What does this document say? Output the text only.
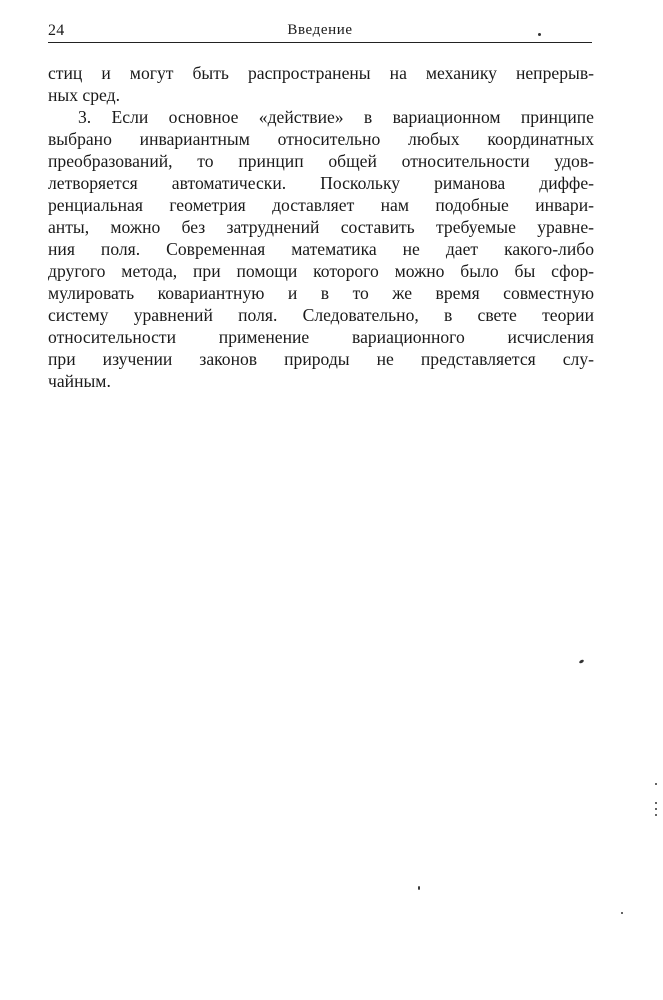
24	Введение
стиц и могут быть распространены на механику непрерыв-
ных сред.
3. Если основное «действие» в вариационном принципе
выбрано инвариантным относительно любых координатных
преобразований, то принцип общей относительности удов-
летворяется автоматически. Поскольку риманова диффе-
ренциальная геометрия доставляет нам подобные инвари-
анты, можно без затруднений составить требуемые уравне-
ния поля. Современная математика не дает какого-либо
другого метода, при помощи которого можно было бы сфор-
мулировать ковариантную и в то же время совместную
систему уравнений поля. Следовательно, в свете теории
относительности применение вариационного исчисления
при изучении законов природы не представляется слу-
чайным.
